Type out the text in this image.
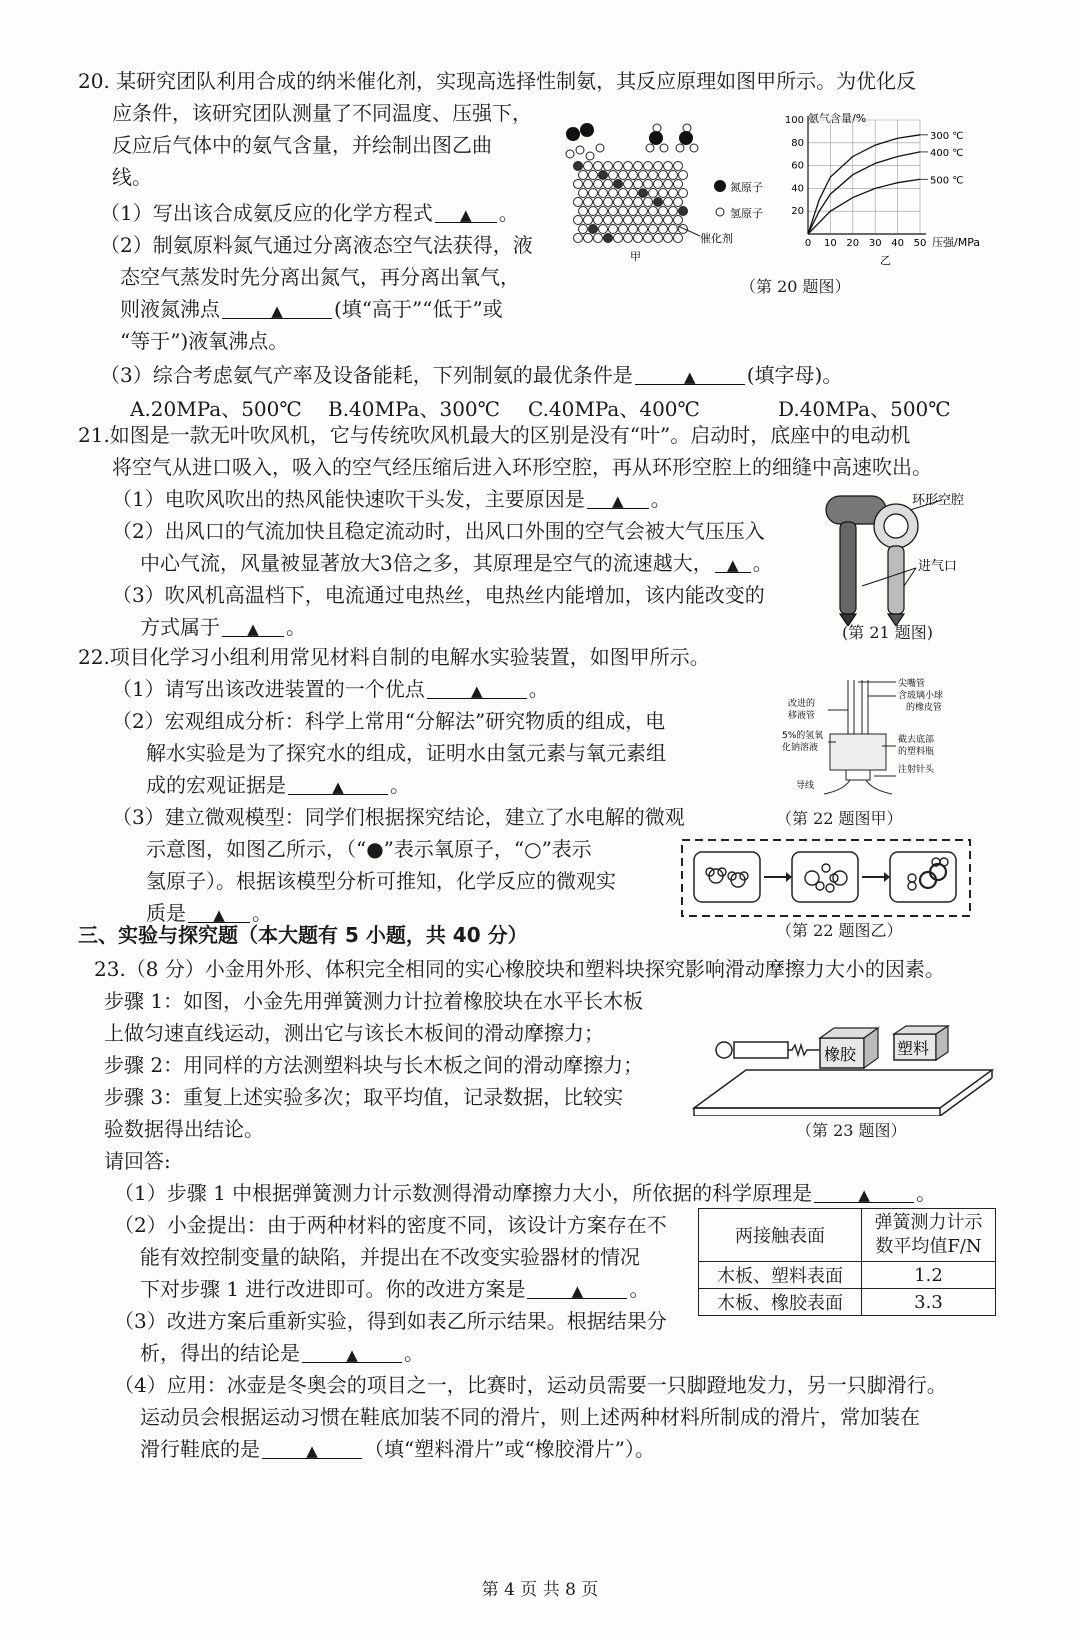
20. 某研究团队利用合成的纳米催化剂，实现高选择性制氨，其反应原理如图甲所示。为优化反
应条件，该研究团队测量了不同温度、压强下，
反应后气体中的氨气含量，并绘制出图乙曲
线。
（1）写出该合成氨反应的化学方程式 ▲ 。
（2）制氨原料氮气通过分离液态空气法获得，液
态空气蒸发时先分离出氮气，再分离出氧气，
则液氮沸点	▲	(填“高于”“低于”或
“等于”)液氧沸点。
（3）综合考虑氨气产率及设备能耗，下列制氨的最优条件是	▲	(填字母)。
A.20MPa、500℃ B.40MPa、300℃ C.40MPa、400℃	D.40MPa、500℃
氮原子
氢原子
催化剂
甲
氨气含量/%
压强/MPa
乙
0 10 20 30 40 50
20
40
60
80
100
300 ℃
400 ℃
500 ℃
（第 20 题图）
21.如图是一款无叶吹风机，它与传统吹风机最大的区别是没有“叶”。启动时，底座中的电动机
将空气从进口吸入，吸入的空气经压缩后进入环形空腔，再从环形空腔上的细缝中高速吹出。
（1）电吹风吹出的热风能快速吹干头发，主要原因是 ▲ 。
（2）出风口的气流加快且稳定流动时，出风口外围的空气会被大气压压入
中心气流，风量被显著放大3倍之多，其原理是空气的流速越大， ▲ 。
（3）吹风机高温档下，电流通过电热丝，电热丝内能增加，该内能改变的
方式属于 ▲ 。
环形空腔
进气口
(第 21 题图)
22.项目化学习小组利用常见材料自制的电解水实验装置，如图甲所示。
（1）请写出该改进装置的一个优点	▲ 。
（2）宏观组成分析：科学上常用“分解法”研究物质的组成，电
解水实验是为了探究水的组成，证明水由氢元素与氧元素组
成的宏观证据是	▲ 。
（3）建立微观模型：同学们根据探究结论，建立了水电解的微观
示意图，如图乙所示，（“●”表示氧原子，“○”表示
氢原子）。根据该模型分析可推知，化学反应的微观实
质是 ▲ 。
尖嘴管
含玻璃小球
的橡皮管
改进的
移液管
5%的氢氧
化钠溶液
截去底部
的塑料瓶
注射针头
导线
（第 22 题图甲）
（第 22 题图乙）
三、实验与探究题（本大题有 5 小题，共 40 分）
23.（8 分）小金用外形、体积完全相同的实心橡胶块和塑料块探究影响滑动摩擦力大小的因素。
步骤 1：如图，小金先用弹簧测力计拉着橡胶块在水平长木板
上做匀速直线运动，测出它与该长木板间的滑动摩擦力；
步骤 2：用同样的方法测塑料块与长木板之间的滑动摩擦力；
步骤 3：重复上述实验多次；取平均值，记录数据，比较实
验数据得出结论。
请回答:
（1）步骤 1 中根据弹簧测力计示数测得滑动摩擦力大小，所依据的科学原理是	▲ 。
（2）小金提出：由于两种材料的密度不同，该设计方案存在不
能有效控制变量的缺陷，并提出在不改变实验器材的情况
下对步骤 1 进行改进即可。你的改进方案是	▲ 。
（3）改进方案后重新实验，得到如表乙所示结果。根据结果分
析，得出的结论是	▲ 。
（4）应用：冰壶是冬奥会的项目之一，比赛时，运动员需要一只脚蹬地发力，另一只脚滑行。
运动员会根据运动习惯在鞋底加装不同的滑片，则上述两种材料所制成的滑片，常加装在
滑行鞋底的是	▲ （填“塑料滑片”或“橡胶滑片”）。
橡胶	塑料
（第 23 题图）
两接触表面	弹簧测力计示
数平均值F/N
木板、塑料表面	1.2
木板、橡胶表面	3.3
第 4 页 共 8 页
